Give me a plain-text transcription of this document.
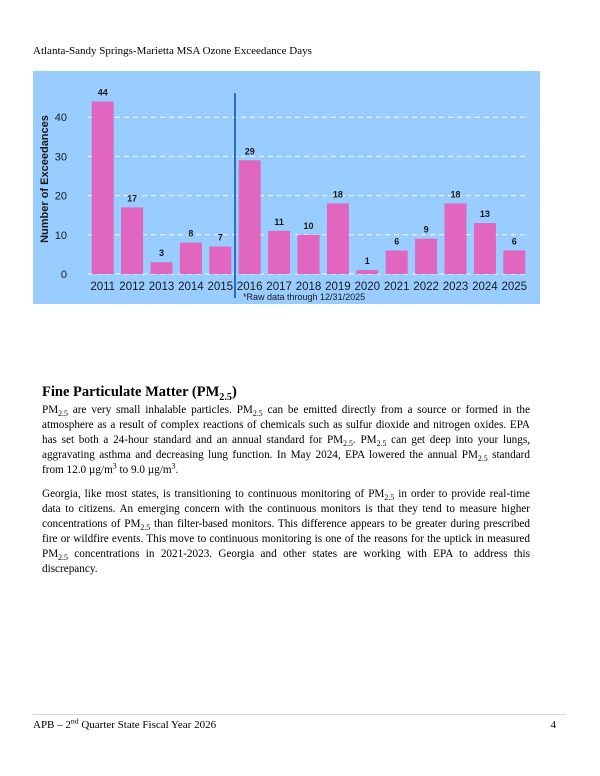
Atlanta-Sandy Springs-Marietta MSA Ozone Exceedance Days
Number of Exceedances
*Raw data through 12/31/2025
0
10
20
30
40
44
2011
17
2012
3
2013
8
2014
7
2015
29
2016
11
2017
10
2018
18
2019
1
2020
6
2021
9
2022
18
2023
13
2024
6
2025
Fine Particulate Matter $(PM_{2.5})$

$PM_{2.5}$ are very small inhalable particles. $PM_{2.5}$ can be emitted directly from a source or formed in the atmosphere as a result of complex reactions of chemicals such as sulfur dioxide and nitrogen oxides. EPA has set both a 24-hour standard and an annual standard for $PM_{2.5}$. $PM_{2.5}$ can get deep into your lungs, aggravating asthma and decreasing lung function. In May 2024, EPA lowered the annual $PM_{2.5}$ standard from 12.0 $\mu g/m^3$ to 9.0 $\mu g/m^3$.

Georgia, like most states, is transitioning to continuous monitoring of $PM_{2.5}$ in order to provide real-time data to citizens. An emerging concern with the continuous monitors is that they tend to measure higher concentrations of $PM_{2.5}$ than filter-based monitors. This difference appears to be greater during prescribed fire or wildfire events. This move to continuous monitoring is one of the reasons for the uptick in measured $PM_{2.5}$ concentrations in 2021-2023. Georgia and other states are working with EPA to address this discrepancy.

APB – 2nd Quarter State Fiscal Year 2026	4
